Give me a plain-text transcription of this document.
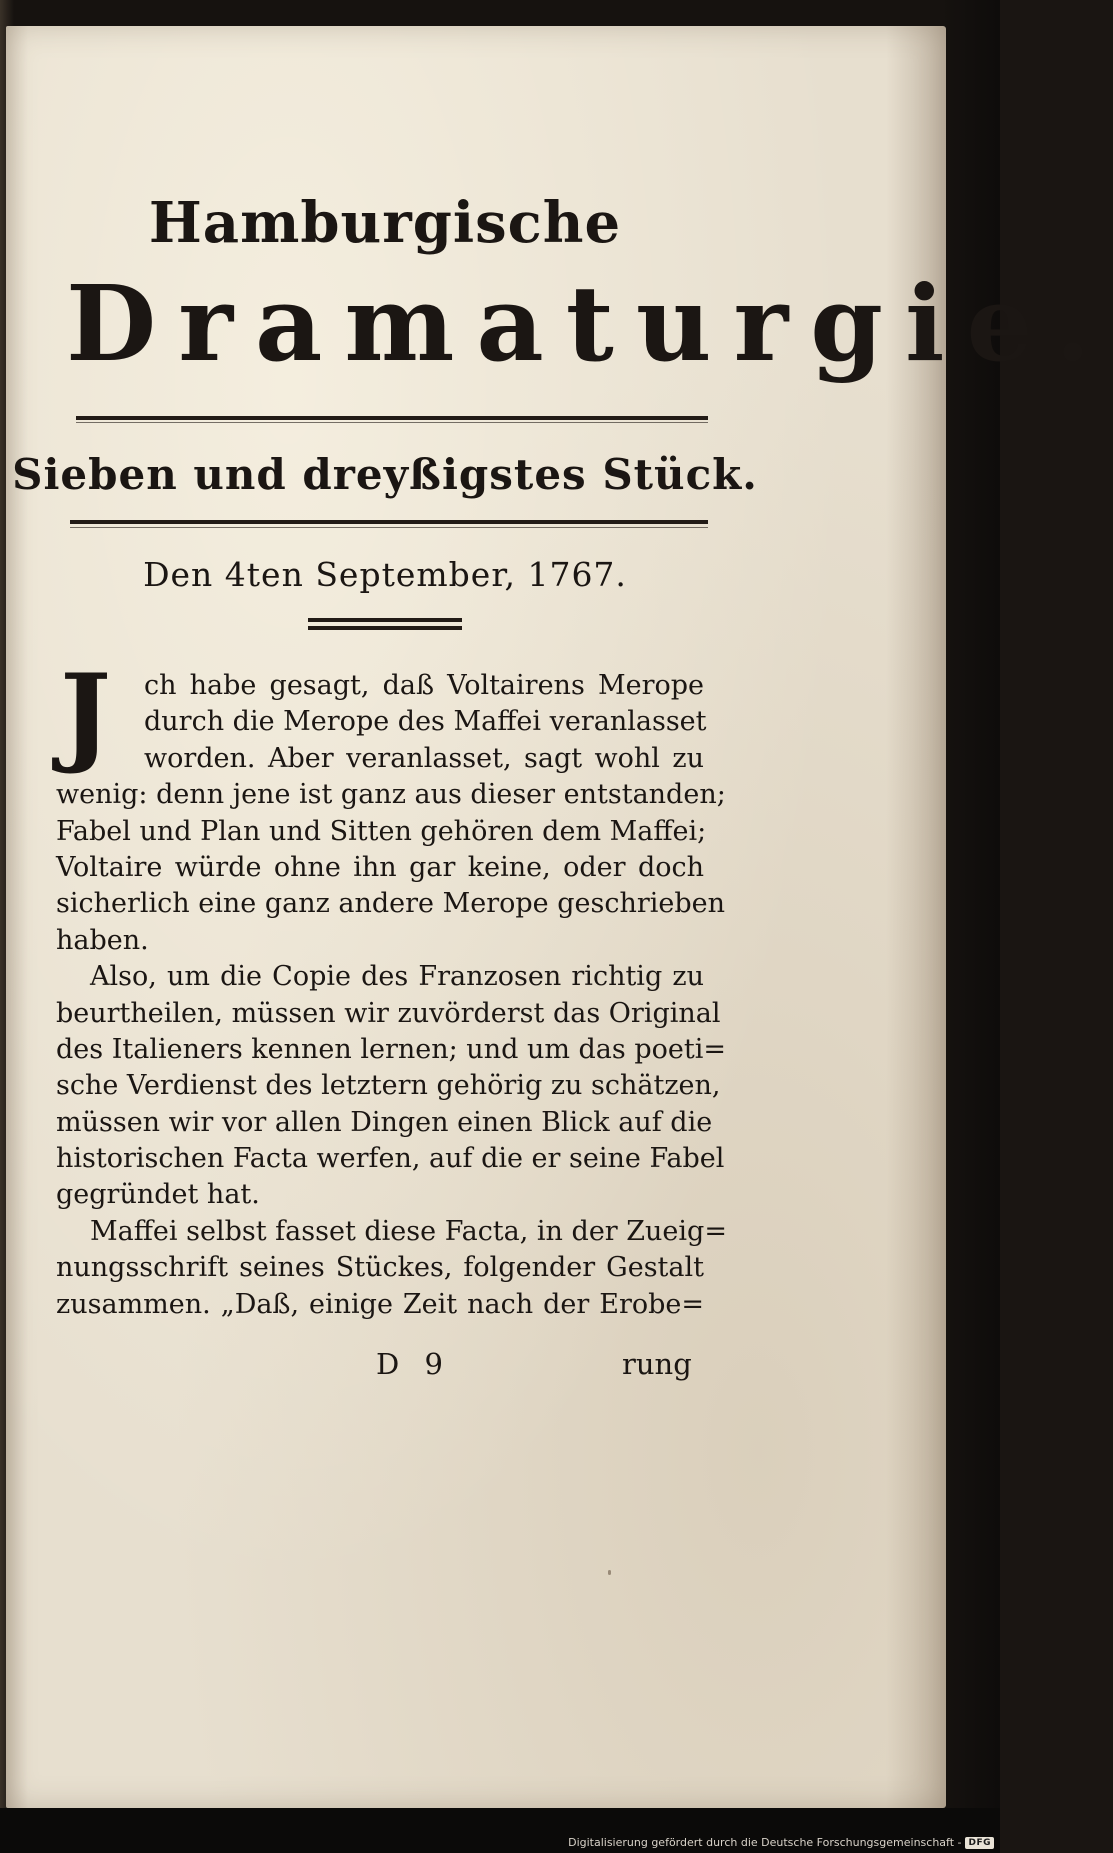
Hamburgische
Dramaturgie.
Sieben und dreyßigstes Stück.
Den 4ten September, 1767.
J	ch habe gesagt, daß Voltairens Merope
durch die Merope des Maffei veranlasset
worden. Aber veranlasset, sagt wohl zu
wenig: denn jene ist ganz aus dieser entstanden;
Fabel und Plan und Sitten gehören dem Maffei;
Voltaire würde ohne ihn gar keine, oder doch
sicherlich eine ganz andere Merope geschrieben
haben.
Also, um die Copie des Franzosen richtig zu
beurtheilen, müssen wir zuvörderst das Original
des Italieners kennen lernen; und um das poeti=
sche Verdienst des letztern gehörig zu schätzen,
müssen wir vor allen Dingen einen Blick auf die
historischen Facta werfen, auf die er seine Fabel
gegründet hat.
Maffei selbst fasset diese Facta, in der Zueig=
nungsschrift seines Stückes, folgender Gestalt
zusammen. „Daß, einige Zeit nach der Erobe=
D 9	rung
Digitalisierung gefördert durch die Deutsche Forschungsgemeinschaft - DFG
